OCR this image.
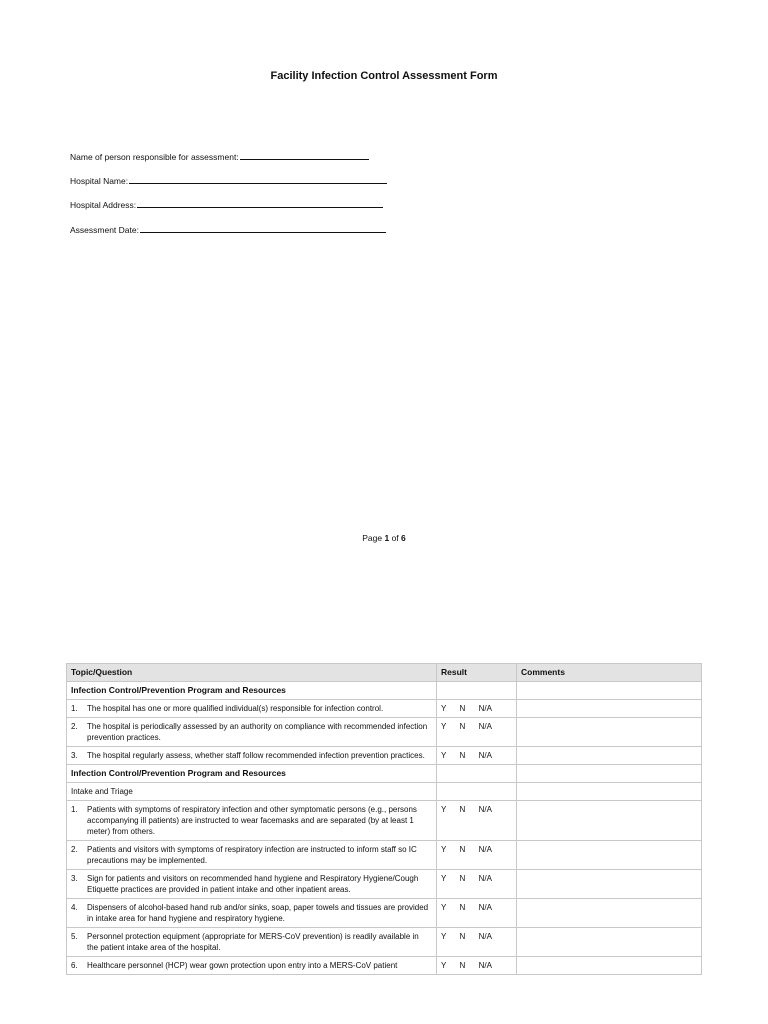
Facility Infection Control Assessment Form
Name of person responsible for assessment:
Hospital Name:
Hospital Address:
Assessment Date:
Page 1 of 6
Topic/Question	Result	Comments
Infection Control/Prevention Program and Resources		

1. The hospital has one or more qualified individual(s) responsible for infection control.	Y      N      N/A	

2. The hospital is periodically assessed by an authority on compliance with recommended infection prevention practices.	Y      N      N/A	

3. The hospital regularly assess, whether staff follow recommended infection prevention practices.	Y      N      N/A	
Infection Control/Prevention Program and Resources		
Intake and Triage		

1. Patients with symptoms of respiratory infection and other symptomatic persons (e.g., persons accompanying ill patients) are instructed to wear facemasks and are separated (by at least 1 meter) from others.	Y      N      N/A	

2. Patients and visitors with symptoms of respiratory infection are instructed to inform staff so IC precautions may be implemented.	Y      N      N/A	

3. Sign for patients and visitors on recommended hand hygiene and Respiratory Hygiene/Cough Etiquette practices are provided in patient intake and other inpatient areas.	Y      N      N/A	

4. Dispensers of alcohol-based hand rub and/or sinks, soap, paper towels and tissues are provided in intake area for hand hygiene and respiratory hygiene.	Y      N      N/A	

5. Personnel protection equipment (appropriate for MERS-CoV prevention) is readily available in the patient intake area of the hospital.	Y      N      N/A	

6. Healthcare personnel (HCP) wear gown protection upon entry into a MERS-CoV patient	Y      N      N/A	
